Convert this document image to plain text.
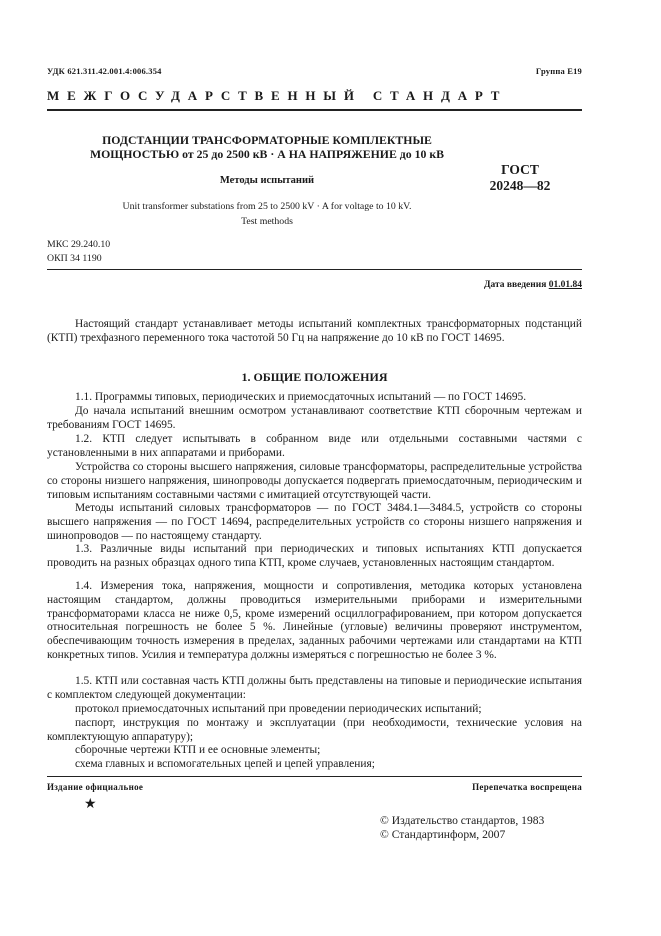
УДК 621.311.42.001.4:006.354	Группа Е19
МЕЖГОСУДАРСТВЕННЫЙ СТАНДАРТ
ПОДСТАНЦИИ ТРАНСФОРМАТОРНЫЕ КОМПЛЕКТНЫЕ
МОЩНОСТЬЮ от 25 до 2500 кВ · А НА НАПРЯЖЕНИЕ до 10 кВ
Методы испытаний
ГОСТ
20248—82
Unit transformer substations from 25 to 2500 kV · A for voltage to 10 kV.
Test methods
МКС 29.240.10
ОКП 34 1190
Дата введения 01.01.84
Настоящий стандарт устанавливает методы испытаний комплектных трансформаторных подстанций (КТП) трехфазного переменного тока частотой 50 Гц на напряжение до 10 кВ по ГОСТ 14695.
1. ОБЩИЕ ПОЛОЖЕНИЯ
1.1. Программы типовых, периодических и приемосдаточных испытаний — по ГОСТ 14695.
До начала испытаний внешним осмотром устанавливают соответствие КТП сборочным чертежам и требованиям ГОСТ 14695.
1.2. КТП следует испытывать в собранном виде или отдельными составными частями с установленными в них аппаратами и приборами.
Устройства со стороны высшего напряжения, силовые трансформаторы, распределительные устройства со стороны низшего напряжения, шинопроводы допускается подвергать приемосдаточным, периодическим и типовым испытаниям составными частями с имитацией отсутствующей части.
Методы испытаний силовых трансформаторов — по ГОСТ 3484.1—3484.5, устройств со стороны высшего напряжения — по ГОСТ 14694, распределительных устройств со стороны низшего напряжения и шинопроводов — по настоящему стандарту.
1.3. Различные виды испытаний при периодических и типовых испытаниях КТП допускается проводить на разных образцах одного типа КТП, кроме случаев, установленных настоящим стандартом.
1.4. Измерения тока, напряжения, мощности и сопротивления, методика которых установлена настоящим стандартом, должны проводиться измерительными приборами и измерительными трансформаторами класса не ниже 0,5, кроме измерений осциллографированием, при котором допускается относительная погрешность не более 5 %. Линейные (угловые) величины проверяют инструментом, обеспечивающим точность измерения в пределах, заданных рабочими чертежами или стандартами на КТП конкретных типов. Усилия и температура должны измеряться с погрешностью не более 3 %.
1.5. КТП или составная часть КТП должны быть представлены на типовые и периодические испытания с комплектом следующей документации:
протокол приемосдаточных испытаний при проведении периодических испытаний;
паспорт, инструкция по монтажу и эксплуатации (при необходимости, технические условия на комплектующую аппаратуру);
сборочные чертежи КТП и ее основные элементы;
схема главных и вспомогательных цепей и цепей управления;
Издание официальное	Перепечатка воспрещена
★
© Издательство стандартов, 1983
© Стандартинформ, 2007
